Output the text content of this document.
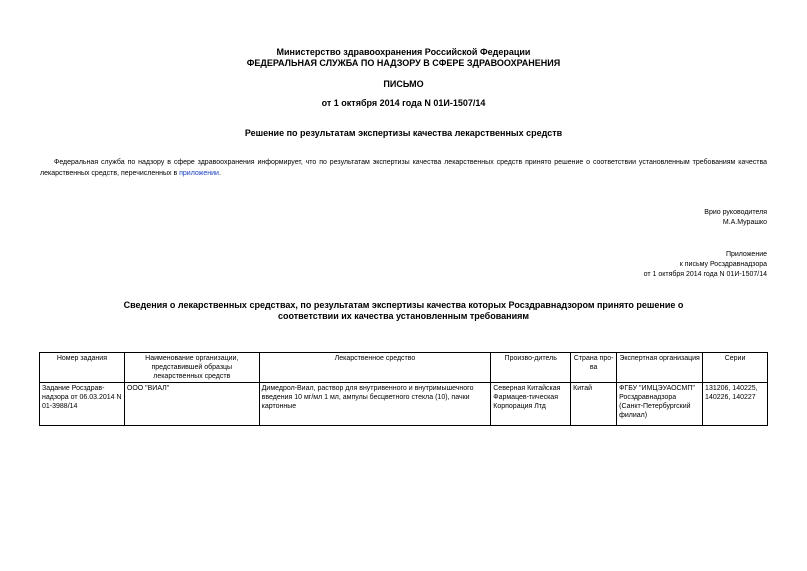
Министерство здравоохранения Российской Федерации
ФЕДЕРАЛЬНАЯ СЛУЖБА ПО НАДЗОРУ В СФЕРЕ ЗДРАВООХРАНЕНИЯ
ПИСЬМО
от 1 октября 2014 года N 01И-1507/14
Решение по результатам экспертизы качества лекарственных средств
Федеральная служба по надзору в сфере здравоохранения информирует, что по результатам экспертизы качества лекарственных средств принято решение о соответствии установленным требованиям качества лекарственных средств, перечисленных в приложении.
Врио руководителя
М.А.Мурашко
Приложение
к письму Росздравнадзора
от 1 октября 2014 года N 01И-1507/14
Сведения о лекарственных средствах, по результатам экспертизы качества которых Росздравнадзором принято решение о соответствии их качества установленным требованиям
Номер задания	Наименование организации, представившей образцы лекарственных средств	Лекарственное средство	Произво-дитель	Страна про-ва	Экспертная организация	Серии
Задание Росздрав-надзора от 06.03.2014 N 01-3988/14	ООО "ВИАЛ"	Димедрол-Виал, раствор для внутривенного и внутримышечного введения 10 мг/мл 1 мл, ампулы бесцветного стекла (10), пачки картонные	Северная Китайская Фармацев-тическая Корпорация Лтд	Китай	ФГБУ "ИМЦЭУАОСМП" Росздравнадзора (Санкт-Петербургский филиал)	131206, 140225, 140226, 140227
